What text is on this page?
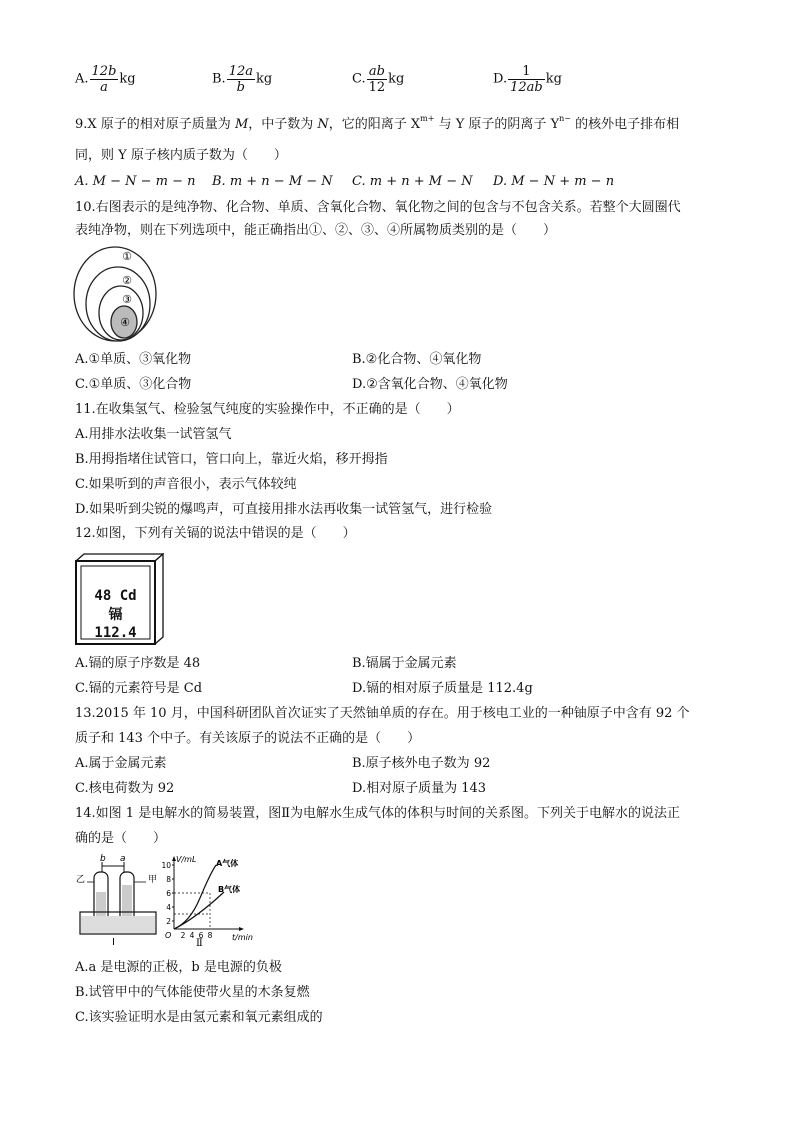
A. $\frac{12b}{a}$ kg	B. $\frac{12a}{b}$ kg	C. $\frac{ab}{12}$ kg	D. $\frac{1}{12ab}$ kg
9.X 原子的相对原子质量为 M，中子数为 N，它的阳离子 $X^{m+}$ 与 Y 原子的阴离子 $Y^{n-}$ 的核外电子排布相
同，则 Y 原子核内质子数为（　　）
A. M − N − m − n B. m + n − M − N C. m + n + M − N D. M − N + m − n
10.右图表示的是纯净物、化合物、单质、含氧化合物、氧化物之间的包含与不包含关系。若整个大圆圈代
表纯净物，则在下列选项中，能正确指出①、②、③、④所属物质类别的是（　　）
①
②
③
④
A.①单质、③氧化物	B.②化合物、④氧化物
C.①单质、③化合物	D.②含氧化合物、④氧化物
11.在收集氢气、检验氢气纯度的实验操作中，不正确的是（　　）
A.用排水法收集一试管氢气
B.用拇指堵住试管口，管口向上，靠近火焰，移开拇指
C.如果听到的声音很小，表示气体较纯
D.如果听到尖锐的爆鸣声，可直接用排水法再收集一试管氢气，进行检验
12.如图，下列有关镉的说法中错误的是（　　）
48 Cd
镉
112.4
A.镉的原子序数是 48	B.镉属于金属元素
C.镉的元素符号是 Cd	D.镉的相对原子质量是 112.4g
13.2015 年 10 月，中国科研团队首次证实了天然铀单质的存在。用于核电工业的一种铀原子中含有 92 个
质子和 143 个中子。有关该原子的说法不正确的是（　　）
A.属于金属元素	B.原子核外电子数为 92
C.核电荷数为 92	D.相对原子质量为 143
14.如图 1 是电解水的简易装置，图Ⅱ为电解水生成气体的体积与时间的关系图。下列关于电解水的说法正
确的是（　　）
乙	甲
b a
Ⅰ
V/mL
t/min
O
2
4
6
8
10
2 4 6 8
A气体
B气体
Ⅱ
A.a 是电源的正极，b 是电源的负极
B.试管甲中的气体能使带火星的木条复燃
C.该实验证明水是由氢元素和氧元素组成的
